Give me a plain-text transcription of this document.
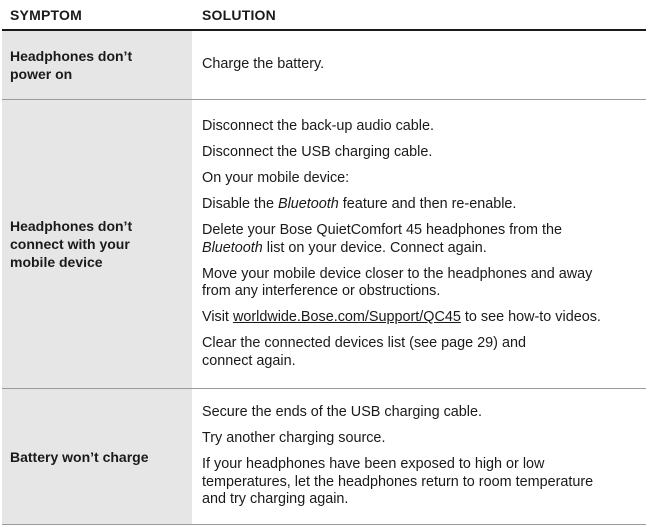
SYMPTOM	SOLUTION
Headphones don’t
power on

Charge the battery.

Headphones don’t
connect with your
mobile device

Disconnect the back-up audio cable.

Disconnect the USB charging cable.

On your mobile device:

Disable the Bluetooth feature and then re-enable.

Delete your Bose QuietComfort 45 headphones from the
Bluetooth list on your device. Connect again.

Move your mobile device closer to the headphones and away
from any interference or obstructions.

Visit worldwide.Bose.com/Support/QC45 to see how-to videos.

Clear the connected devices list (see page 29) and
connect again.

Battery won’t charge

Secure the ends of the USB charging cable.

Try another charging source.

If your headphones have been exposed to high or low
temperatures, let the headphones return to room temperature
and try charging again.
